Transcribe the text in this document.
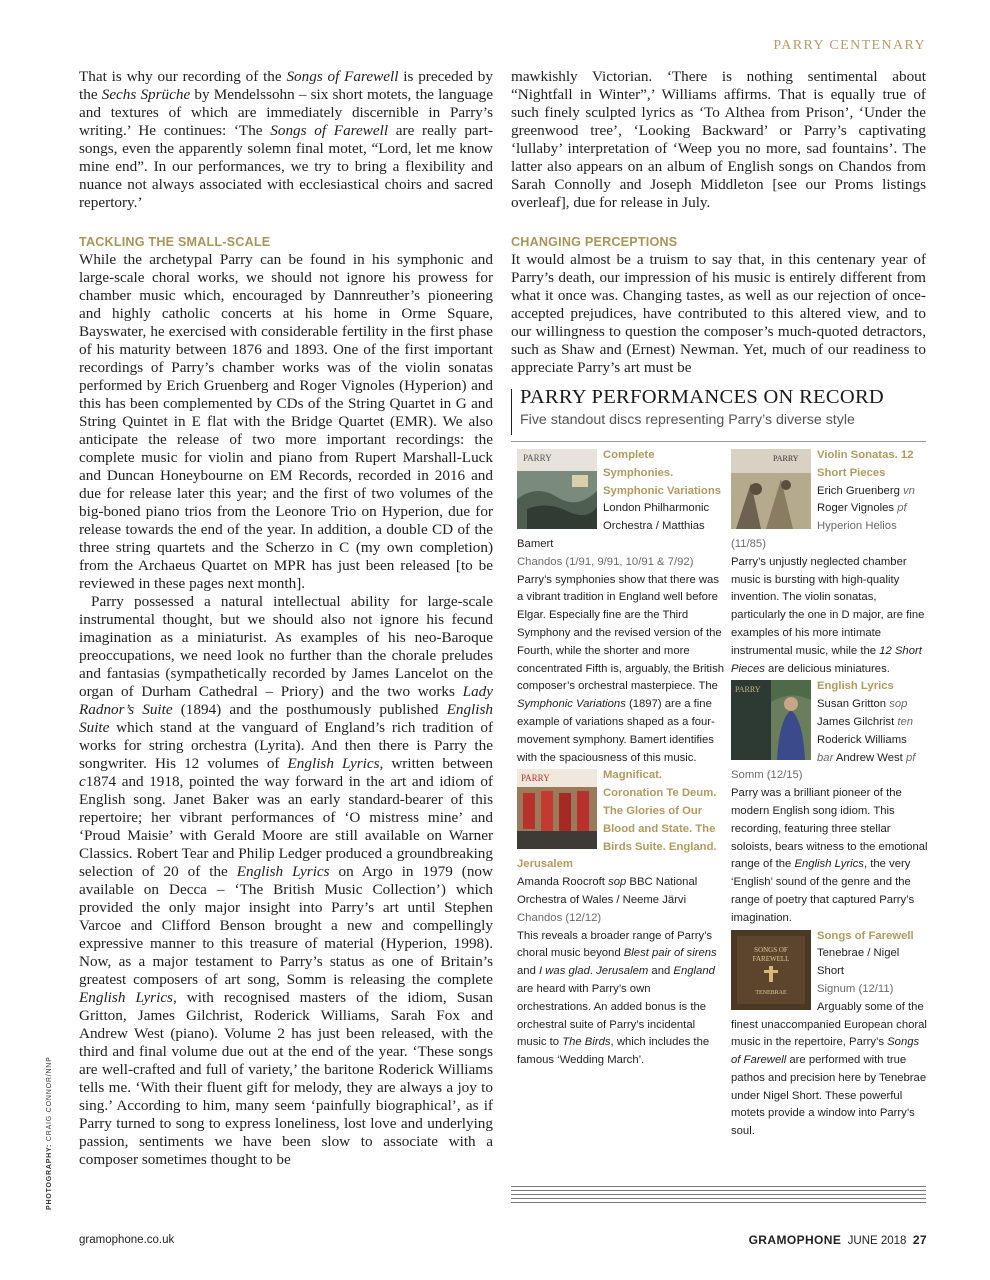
PARRY CENTENARY

That is why our recording of the Songs of Farewell is preceded by the Sechs Sprüche by Mendelssohn – six short motets, the language and textures of which are immediately discernible in Parry’s writing.’ He continues: ‘The Songs of Farewell are really part-songs, even the apparently solemn final motet, “Lord, let me know mine end”. In our performances, we try to bring a flexibility and nuance not always associated with ecclesiastical choirs and sacred repertory.’

TACKLING THE SMALL-SCALE

While the archetypal Parry can be found in his symphonic and large-scale choral works, we should not ignore his prowess for chamber music which, encouraged by Dannreuther’s pioneering and highly catholic concerts at his home in Orme Square, Bayswater, he exercised with considerable fertility in the first phase of his maturity between 1876 and 1893. One of the first important recordings of Parry’s chamber works was of the violin sonatas performed by Erich Gruenberg and Roger Vignoles (Hyperion) and this has been complemented by CDs of the String Quartet in G and String Quintet in E flat with the Bridge Quartet (EMR). We also anticipate the release of two more important recordings: the complete music for violin and piano from Rupert Marshall-Luck and Duncan Honeybourne on EM Records, recorded in 2016 and due for release later this year; and the first of two volumes of the big-boned piano trios from the Leonore Trio on Hyperion, due for release towards the end of the year. In addition, a double CD of the three string quartets and the Scherzo in C (my own completion) from the Archaeus Quartet on MPR has just been released [to be reviewed in these pages next month].

Parry possessed a natural intellectual ability for large-scale instrumental thought, but we should also not ignore his fecund imagination as a miniaturist. As examples of his neo-Baroque preoccupations, we need look no further than the chorale preludes and fantasias (sympathetically recorded by James Lancelot on the organ of Durham Cathedral – Priory) and the two works Lady Radnor’s Suite (1894) and the posthumously published English Suite which stand at the vanguard of England’s rich tradition of works for string orchestra (Lyrita). And then there is Parry the songwriter. His 12 volumes of English Lyrics, written between c1874 and 1918, pointed the way forward in the art and idiom of English song. Janet Baker was an early standard-bearer of this repertoire; her vibrant performances of ‘O mistress mine’ and ‘Proud Maisie’ with Gerald Moore are still available on Warner Classics. Robert Tear and Philip Ledger produced a groundbreaking selection of 20 of the English Lyrics on Argo in 1979 (now available on Decca – ‘The British Music Collection’) which provided the only major insight into Parry’s art until Stephen Varcoe and Clifford Benson brought a new and compellingly expressive manner to this treasure of material (Hyperion, 1998). Now, as a major testament to Parry’s status as one of Britain’s greatest composers of art song, Somm is releasing the complete English Lyrics, with recognised masters of the idiom, Susan Gritton, James Gilchrist, Roderick Williams, Sarah Fox and Andrew West (piano). Volume 2 has just been released, with the third and final volume due out at the end of the year. ‘These songs are well-crafted and full of variety,’ the baritone Roderick Williams tells me. ‘With their fluent gift for melody, they are always a joy to sing.’ According to him, many seem ‘painfully biographical’, as if Parry turned to song to express loneliness, lost love and underlying passion, sentiments we have been slow to associate with a composer sometimes thought to be

mawkishly Victorian. ‘There is nothing sentimental about “Nightfall in Winter”,’ Williams affirms. That is equally true of such finely sculpted lyrics as ‘To Althea from Prison’, ‘Under the greenwood tree’, ‘Looking Backward’ or Parry’s captivating ‘lullaby’ interpretation of ‘Weep you no more, sad fountains’. The latter also appears on an album of English songs on Chandos from Sarah Connolly and Joseph Middleton [see our Proms listings overleaf], due for release in July.

CHANGING PERCEPTIONS

It would almost be a truism to say that, in this centenary year of Parry’s death, our impression of his music is entirely different from what it once was. Changing tastes, as well as our rejection of once-accepted prejudices, have contributed to this altered view, and to our willingness to question the composer’s much-quoted detractors, such as Shaw and (Ernest) Newman. Yet, much of our readiness to appreciate Parry’s art must be

PARRY PERFORMANCES ON RECORD
Five standout discs representing Parry’s diverse style
PARRY	Complete Symphonies. Symphonic Variations London Philharmonic Orchestra / Matthias Bamert

Chandos (1/91, 9/91, 10/91 & 7/92)

Parry’s symphonies show that there was a vibrant tradition in England well before Elgar. Especially fine are the Third Symphony and the revised version of the Fourth, while the shorter and more concentrated Fifth is, arguably, the British composer’s orchestral masterpiece. The Symphonic Variations (1897) are a fine example of variations shaped as a four-movement symphony. Bamert identifies with the spaciousness of this music.

PARRY	Magnificat. Coronation Te Deum. The Glories of Our Blood and State. The Birds Suite. England. Jerusalem

Amanda Roocroft sop BBC National Orchestra of Wales / Neeme Järvi

Chandos (12/12)

This reveals a broader range of Parry’s choral music beyond Blest pair of sirens and I was glad. Jerusalem and England are heard with Parry’s own orchestrations. An added bonus is the orchestral suite of Parry’s incidental music to The Birds, which includes the famous ‘Wedding March’.

PARRY	Violin Sonatas. 12 Short Pieces

Erich Gruenberg vn
Roger Vignoles pf

Hyperion Helios (11/85)

Parry’s unjustly neglected chamber music is bursting with high-quality invention. The violin sonatas, particularly the one in D major, are fine examples of his more intimate instrumental music, while the 12 Short Pieces are delicious miniatures.

PARRY	English Lyrics

Susan Gritton sop
James Gilchrist ten
Roderick Williams
bar Andrew West pf

Somm (12/15)

Parry was a brilliant pioneer of the modern English song idiom. This recording, featuring three stellar soloists, bears witness to the emotional range of the English Lyrics, the very ‘English’ sound of the genre and the range of poetry that captured Parry’s imagination.

SONGS OF
FAREWELL
TENEBRAE

Songs of Farewell

Tenebrae / Nigel Short

Signum (12/11)

Arguably some of the finest unaccompanied European choral music in the repertoire, Parry’s Songs of Farewell are performed with true pathos and precision here by Tenebrae under Nigel Short. These powerful motets provide a window into Parry’s soul.

PHOTOGRAPHY: CRAIG CONNOR/NNP
gramophone.co.uk	GRAMOPHONE JUNE 2018 27
